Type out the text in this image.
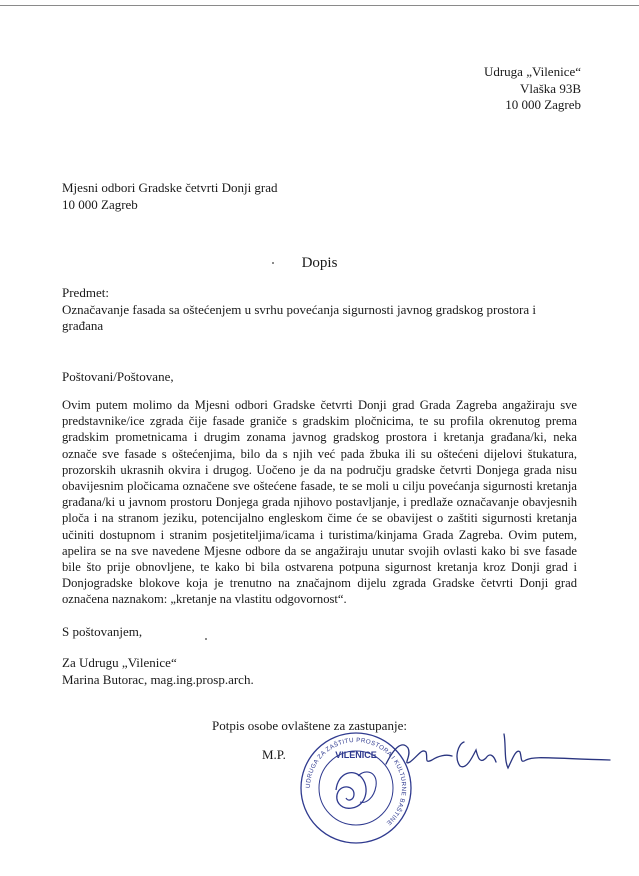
Udruga „Vilenice“
Vlaška 93B
10 000 Zagreb
Mjesni odbori Gradske četvrti Donji grad
10 000 Zagreb
Dopis
Predmet:
Označavanje fasada sa oštećenjem u svrhu povećanja sigurnosti javnog gradskog prostora i građana
Poštovani/Poštovane,

Ovim putem molimo da Mjesni odbori Gradske četvrti Donji grad Grada Zagreba angažiraju sve predstavnike/ice zgrada čije fasade graniče s gradskim pločnicima, te su profila okrenutog prema gradskim prometnicama i drugim zonama javnog gradskog prostora i kretanja građana/ki, neka označe sve fasade s oštećenjima, bilo da s njih već pada žbuka ili su oštećeni dijelovi štukatura, prozorskih ukrasnih okvira i drugog. Uočeno je da na području gradske četvrti Donjega grada nisu obavijesnim pločicama označene sve oštećene fasade, te se moli u cilju povećanja sigurnosti kretanja građana/ki u javnom prostoru Donjega grada njihovo postavljanje, i predlaže označavanje obavjesnih ploča i na stranom jeziku, potencijalno engleskom čime će se obavijest o zaštiti sigurnosti kretanja učiniti dostupnom i stranim posjetiteljima/icama i turistima/kinjama Grada Zagreba. Ovim putem, apelira se na sve navedene Mjesne odbore da se angažiraju unutar svojih ovlasti kako bi sve fasade bile što prije obnovljene, te kako bi bila ostvarena potpuna sigurnost kretanja kroz Donji grad i Donjogradske blokove koja je trenutno na značajnom dijelu zgrada Gradske četvrti Donji grad označena naznakom: „kretanje na vlastitu odgovornost“.

S poštovanjem,
Za Udrugu „Vilenice“
Marina Butorac, mag.ing.prosp.arch.
Potpis osobe ovlaštene za zastupanje:
M.P.
UDRUGA ZA ZAŠTITU PROSTORA I KULTURNE BAŠTINE
VILENICE
